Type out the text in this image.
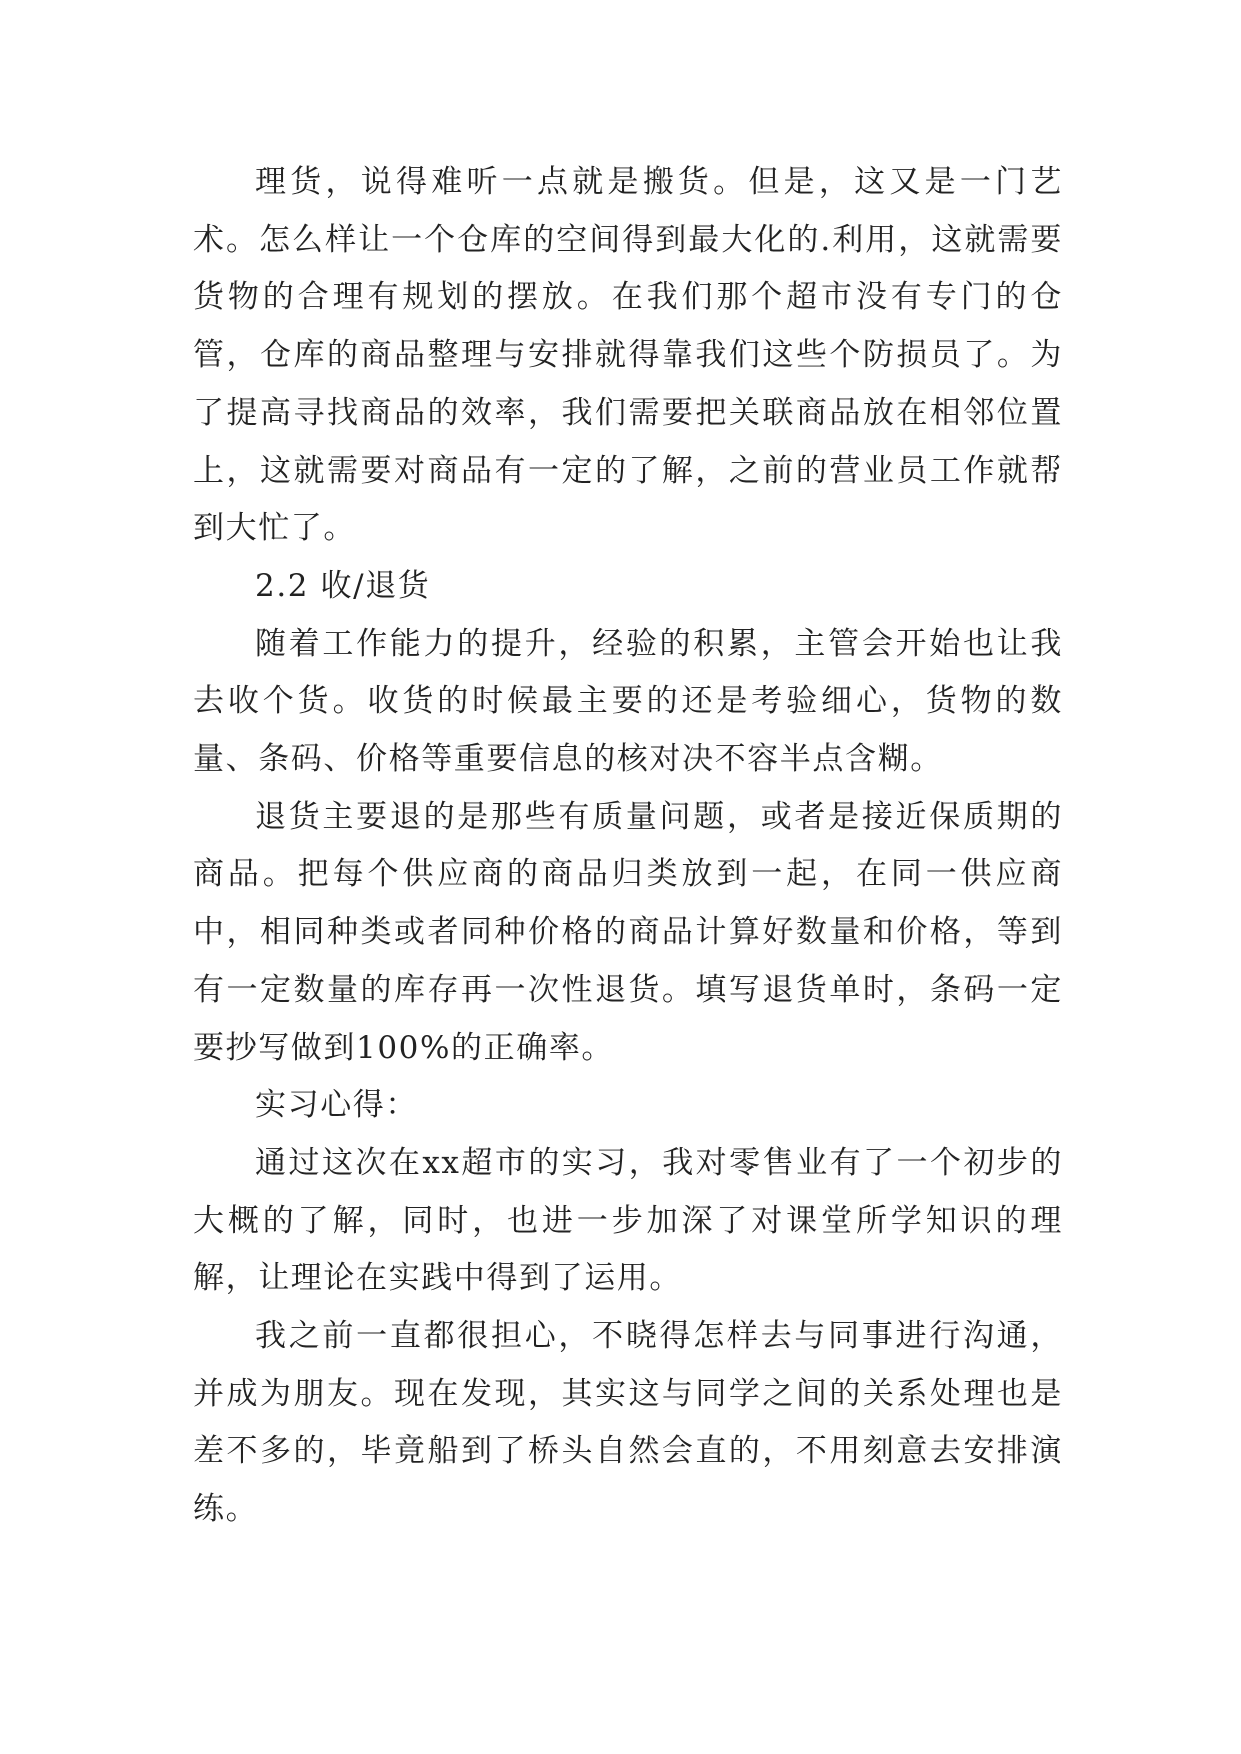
理货，说得难听一点就是搬货。但是，这又是一门艺术。怎么样让一个仓库的空间得到最大化的.利用，这就需要货物的合理有规划的摆放。在我们那个超市没有专门的仓管，仓库的商品整理与安排就得靠我们这些个防损员了。为了提高寻找商品的效率，我们需要把关联商品放在相邻位置上，这就需要对商品有一定的了解，之前的营业员工作就帮到大忙了。

2.2 收/退货

随着工作能力的提升，经验的积累，主管会开始也让我去收个货。收货的时候最主要的还是考验细心，货物的数量、条码、价格等重要信息的核对决不容半点含糊。

退货主要退的是那些有质量问题，或者是接近保质期的商品。把每个供应商的商品归类放到一起，在同一供应商中，相同种类或者同种价格的商品计算好数量和价格，等到有一定数量的库存再一次性退货。填写退货单时，条码一定要抄写做到100%的正确率。

实习心得：

通过这次在xx超市的实习，我对零售业有了一个初步的大概的了解，同时，也进一步加深了对课堂所学知识的理解，让理论在实践中得到了运用。

我之前一直都很担心，不晓得怎样去与同事进行沟通，并成为朋友。现在发现，其实这与同学之间的关系处理也是差不多的，毕竟船到了桥头自然会直的，不用刻意去安排演练。
